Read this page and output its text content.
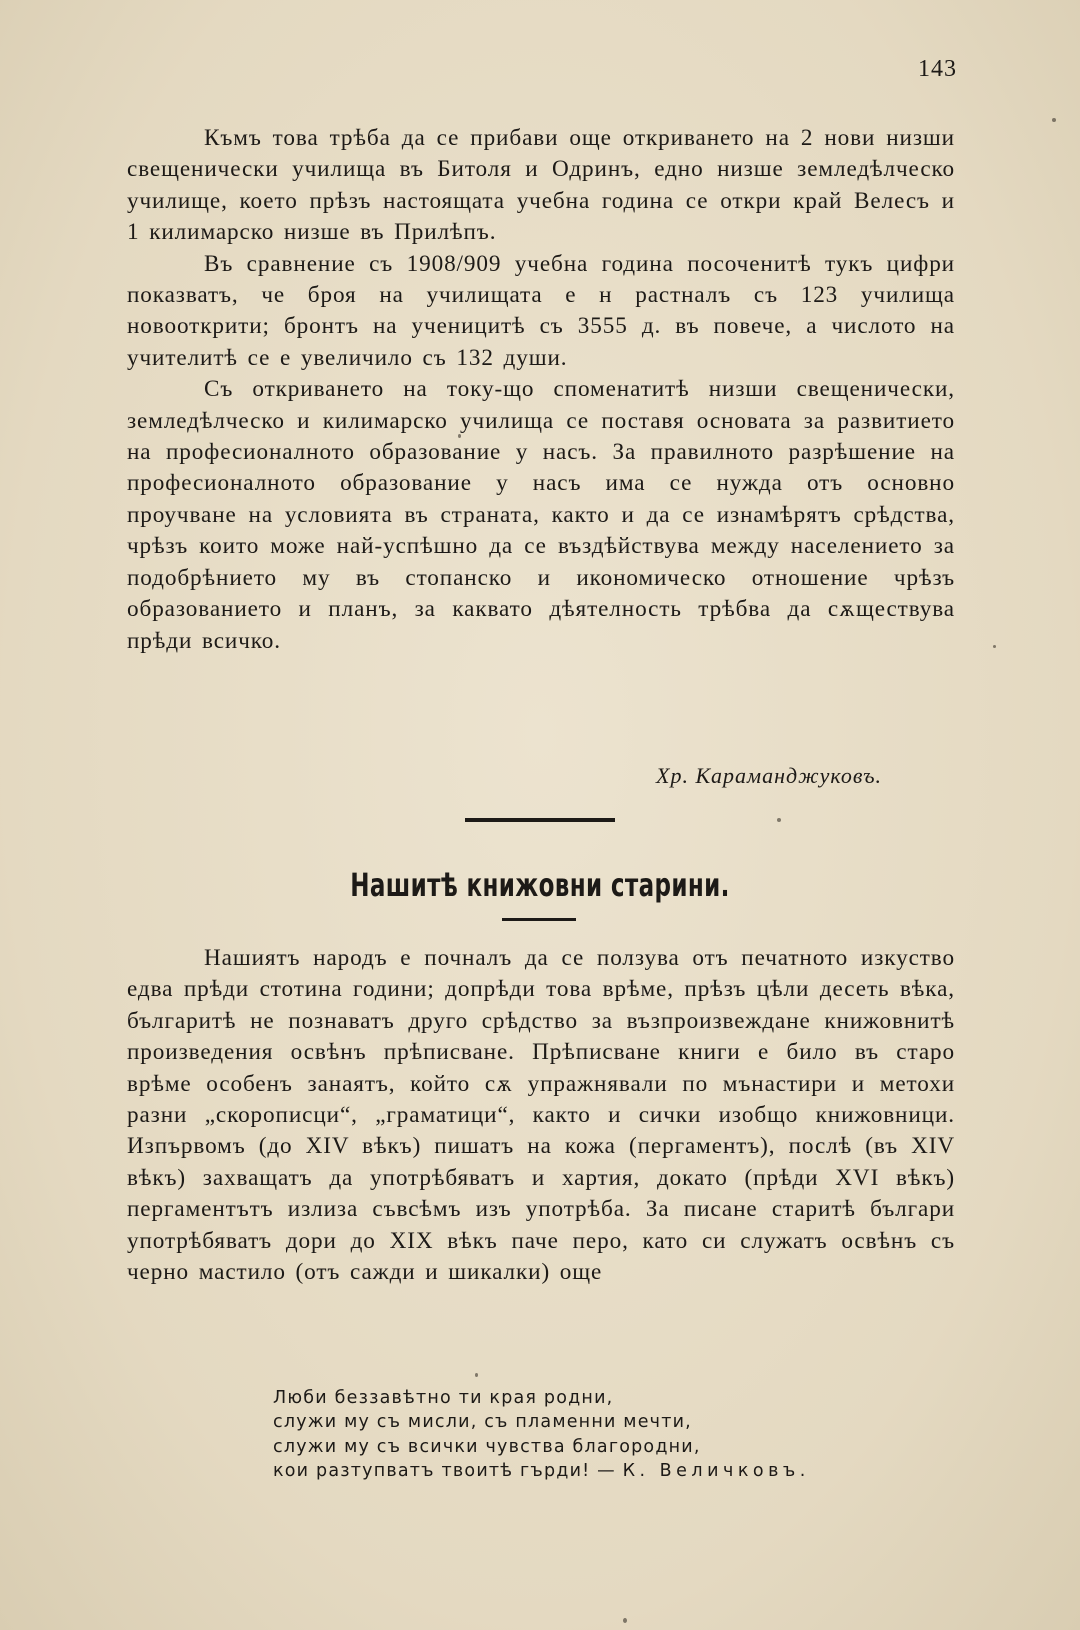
143

Къмъ това трѣба да се прибави още откриването на 2 нови низши свещенически училища въ Битоля и Одринъ, едно низше земледѣлческо училище, което прѣзъ настоящата учебна година се откри край Велесъ и 1 килимарско низше въ Прилѣпъ.

Въ сравнение съ 1908/909 учебна година посоченитѣ тукъ цифри показватъ, че броя на училищата е н растналъ съ 123 училища новооткрити; бронтъ на ученицитѣ съ 3555 д. въ повече, а числото на учителитѣ се е увеличило съ 132 души.

Съ откриването на току-що споменатитѣ низши свещенически, земледѣлческо и килимарско училища се поставя основата за развитието на професионалното образование у насъ. За правилното разрѣшение на професионалното образование у насъ има се нужда отъ основно проучване на условията въ страната, както и да се изнамѣрятъ срѣдства, чрѣзъ които може най-успѣшно да се въздѣйствува между населението за подобрѣнието му въ стопанско и икономическо отношение чрѣзъ образованието и планъ, за каквато дѣятелность трѣбва да сѫществува прѣди всичко.

Хр. Караманджуковъ.
Нашитѣ книжовни старини.

Нашиятъ народъ е почналъ да се ползува отъ печатното изкуство едва прѣди стотина години; допрѣди това врѣме, прѣзъ цѣли десеть вѣка, българитѣ не познаватъ друго срѣдство за възпроизвеждане книжовнитѣ произведения освѣнъ прѣписване. Прѣписване книги е било въ старо врѣме особенъ занаятъ, който сѫ упражнявали по мънастири и метохи разни „скорописци“, „граматици“, както и сички изобщо книжовници. Изпървомъ (до XIV вѣкъ) пишатъ на кожа (пергаментъ), послѣ (въ XIV вѣкъ) захващатъ да употрѣбяватъ и хартия, докато (прѣди XVI вѣкъ) пергаментътъ излиза съвсѣмъ изъ употрѣба. За писане старитѣ българи употрѣбяватъ дори до XIX вѣкъ паче перо, като си служатъ освѣнъ съ черно мастило (отъ сажди и шикалки) още

Люби беззавѣтно ти края родни,
служи му съ мисли, съ пламенни мечти,
служи му съ всички чувства благородни,
кои разтупватъ твоитѣ гърди! — К. Величковъ.
